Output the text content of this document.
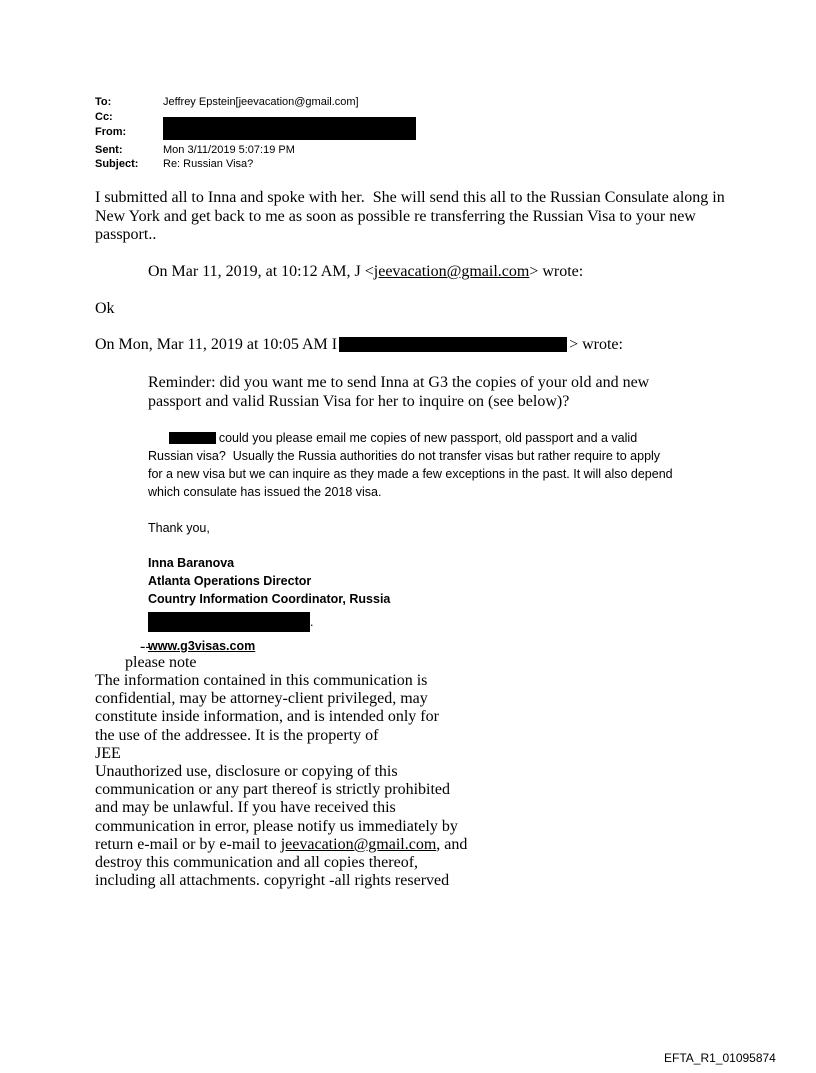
To:	Jeffrey Epstein[jeevacation@gmail.com]
Cc:
From:
Sent:	Mon 3/11/2019 5:07:19 PM
Subject: Re: Russian Visa?
I submitted all to Inna and spoke with her.  She will send this all to the Russian Consulate along in New York and get back to me as soon as possible re transferring the Russian Visa to your new passport..
On Mar 11, 2019, at 10:12 AM, J <jeevacation@gmail.com> wrote:
Ok
On Mon, Mar 11, 2019 at 10:05 AM I	> wrote:
Reminder: did you want me to send Inna at G3 the copies of your old and new passport and valid Russian Visa for her to inquire on (see below)?

could you please email me copies of new passport, old passport and a valid Russian visa?  Usually the Russia authorities do not transfer visas but rather require to apply for a new visa but we can inquire as they made a few exceptions in the past. It will also depend which consulate has issued the 2018 visa.

Thank you,
Inna Baranova
Atlanta Operations Director
Country Information Coordinator, Russia
.
www.g3visas.com
--
please note
The information contained in this communication is
confidential, may be attorney-client privileged, may
constitute inside information, and is intended only for
the use of the addressee. It is the property of
JEE
Unauthorized use, disclosure or copying of this
communication or any part thereof is strictly prohibited
and may be unlawful. If you have received this
communication in error, please notify us immediately by
return e-mail or by e-mail to jeevacation@gmail.com, and
destroy this communication and all copies thereof,
including all attachments. copyright -all rights reserved
EFTA_R1_01095874
